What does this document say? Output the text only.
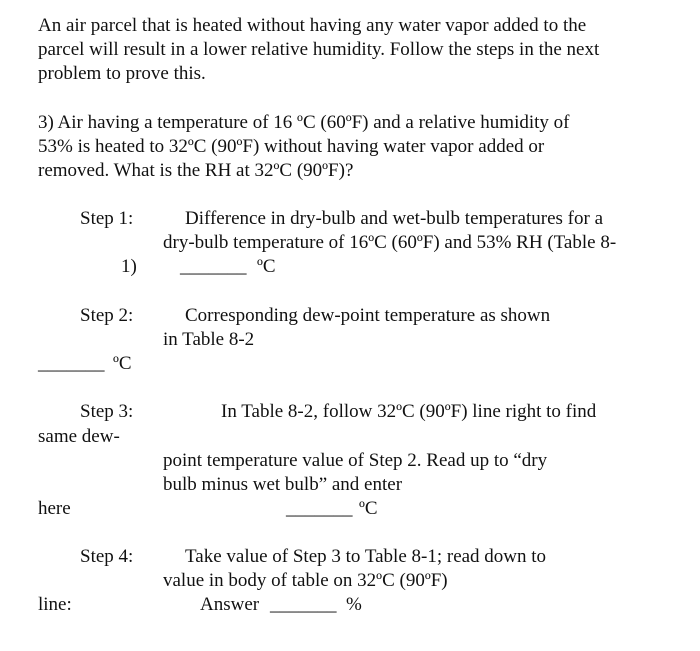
An air parcel that is heated without having any water vapor added to the
parcel will result in a lower relative humidity. Follow the steps in the next
problem to prove this.
3) Air having a temperature of 16 ºC (60ºF) and a relative humidity of
53% is heated to 32ºC (90ºF) without having water vapor added or
removed. What is the RH at 32ºC (90ºF)?
Step 1:	Difference in dry-bulb and wet-bulb temperatures for a
dry-bulb temperature of 16ºC (60ºF) and 53% RH (Table 8-
1) _______ ºC
Step 2:	Corresponding dew-point temperature as shown
in Table 8-2
_______ ºC
Step 3:	In Table 8-2, follow 32ºC (90ºF) line right to find
same dew-
point temperature value of Step 2. Read up to “dry
bulb minus wet bulb” and enter
here	_______ ºC
Step 4:	Take value of Step 3 to Table 8-1; read down to
value in body of table on 32ºC (90ºF)
line:	Answer _______ %
